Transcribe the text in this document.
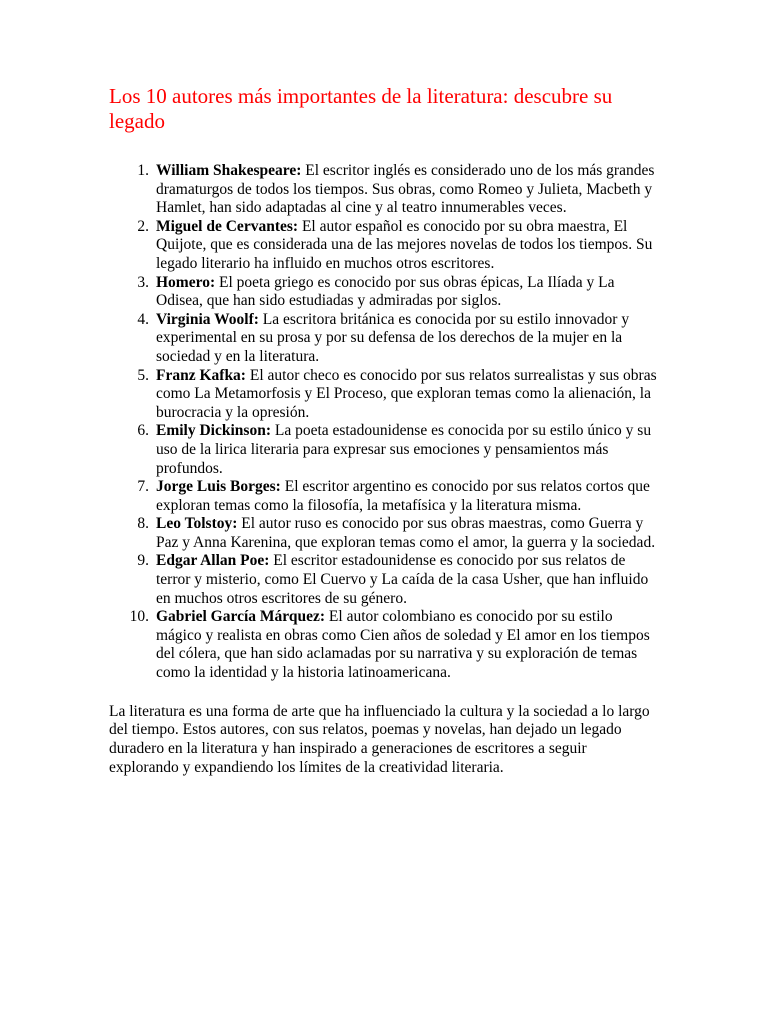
Los 10 autores más importantes de la literatura: descubre su legado
1. William Shakespeare: El escritor inglés es considerado uno de los más grandes dramaturgos de todos los tiempos. Sus obras, como Romeo y Julieta, Macbeth y Hamlet, han sido adaptadas al cine y al teatro innumerables veces.
2. Miguel de Cervantes: El autor español es conocido por su obra maestra, El Quijote, que es considerada una de las mejores novelas de todos los tiempos. Su legado literario ha influido en muchos otros escritores.
3. Homero: El poeta griego es conocido por sus obras épicas, La Ilíada y La Odisea, que han sido estudiadas y admiradas por siglos.
4. Virginia Woolf: La escritora británica es conocida por su estilo innovador y experimental en su prosa y por su defensa de los derechos de la mujer en la sociedad y en la literatura.
5. Franz Kafka: El autor checo es conocido por sus relatos surrealistas y sus obras como La Metamorfosis y El Proceso, que exploran temas como la alienación, la burocracia y la opresión.
6. Emily Dickinson: La poeta estadounidense es conocida por su estilo único y su uso de la lirica literaria para expresar sus emociones y pensamientos más profundos.
7. Jorge Luis Borges: El escritor argentino es conocido por sus relatos cortos que exploran temas como la filosofía, la metafísica y la literatura misma.
8. Leo Tolstoy: El autor ruso es conocido por sus obras maestras, como Guerra y Paz y Anna Karenina, que exploran temas como el amor, la guerra y la sociedad.
9. Edgar Allan Poe: El escritor estadounidense es conocido por sus relatos de terror y misterio, como El Cuervo y La caída de la casa Usher, que han influido en muchos otros escritores de su género.
10. Gabriel García Márquez: El autor colombiano es conocido por su estilo mágico y realista en obras como Cien años de soledad y El amor en los tiempos del cólera, que han sido aclamadas por su narrativa y su exploración de temas como la identidad y la historia latinoamericana.

La literatura es una forma de arte que ha influenciado la cultura y la sociedad a lo largo del tiempo. Estos autores, con sus relatos, poemas y novelas, han dejado un legado duradero en la literatura y han inspirado a generaciones de escritores a seguir explorando y expandiendo los límites de la creatividad literaria.
